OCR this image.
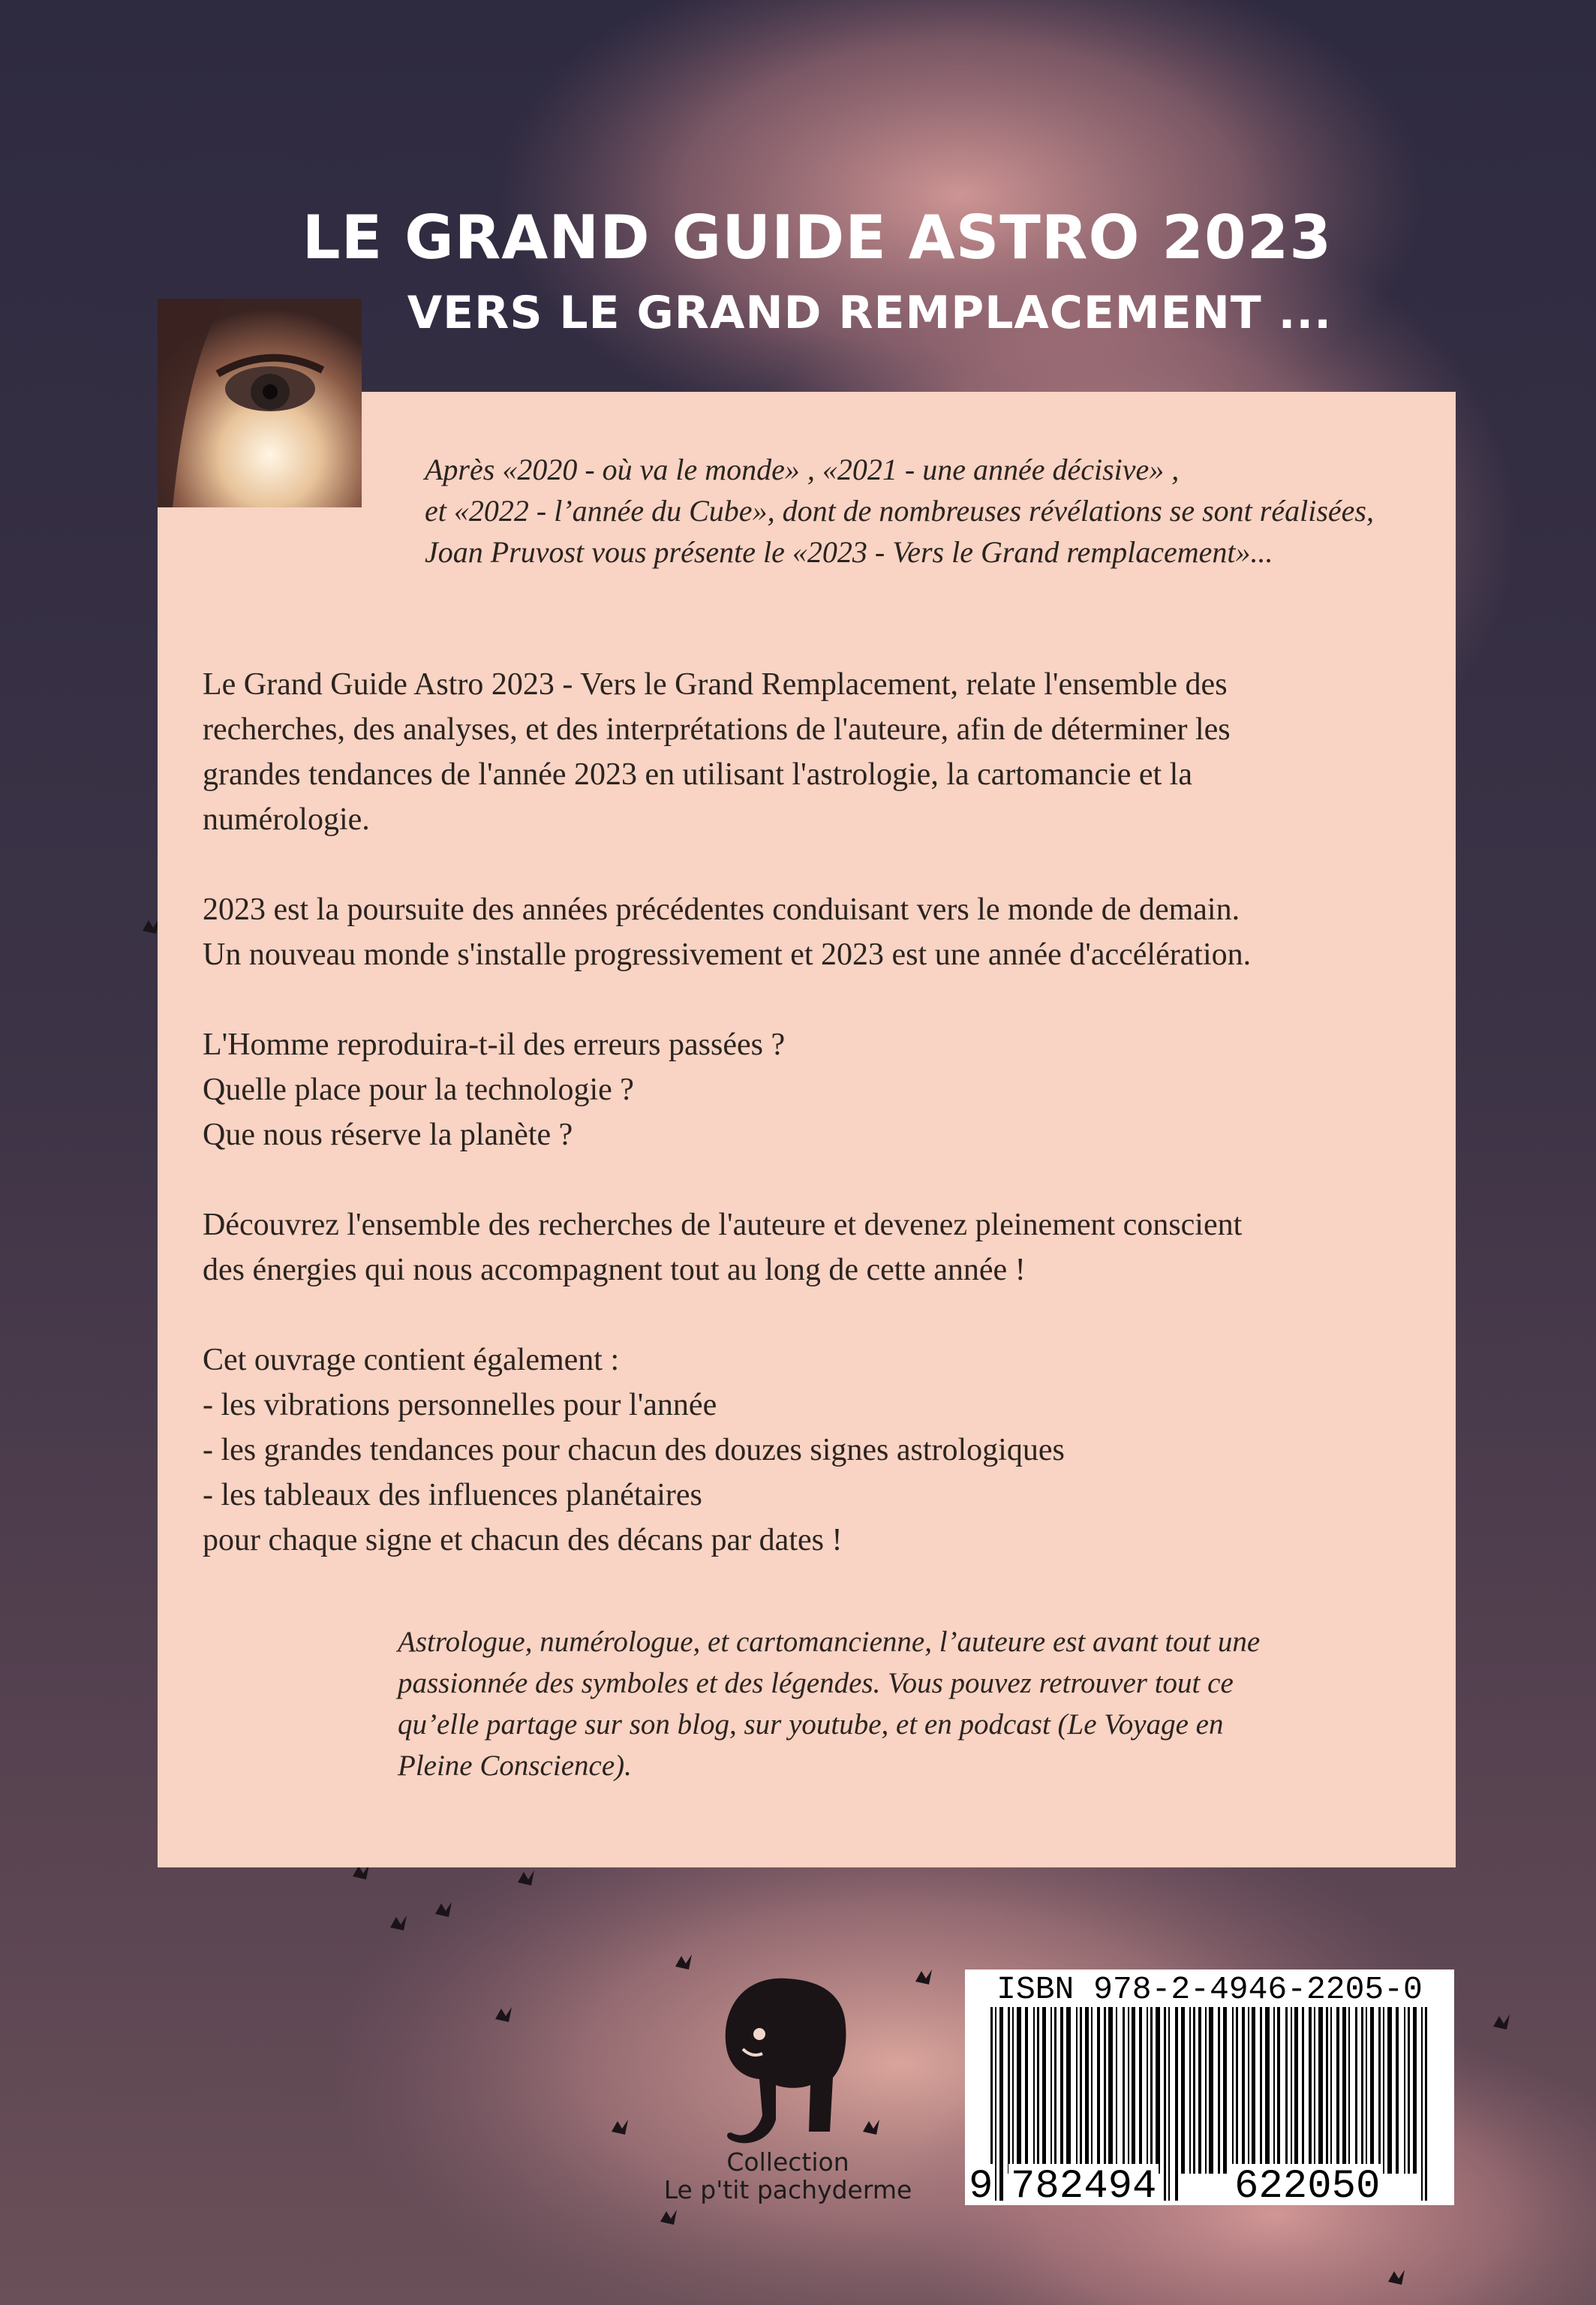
LE GRAND GUIDE ASTRO 2023
VERS LE GRAND REMPLACEMENT ...
Après «2020 - où va le monde» , «2021 - une année décisive» ,
et «2022 - l’année du Cube», dont de nombreuses révélations se sont réalisées,
Joan Pruvost vous présente le «2023 - Vers le Grand remplacement»...

Le Grand Guide Astro 2023 - Vers le Grand Remplacement, relate l'ensemble des
recherches, des analyses, et des interprétations de l'auteure, afin de déterminer les
grandes tendances de l'année 2023 en utilisant l'astrologie, la cartomancie et la
numérologie.

2023 est la poursuite des années précédentes conduisant vers le monde de demain.
Un nouveau monde s'installe progressivement et 2023 est une année d'accélération.

L'Homme reproduira-t-il des erreurs passées ?
Quelle place pour la technologie ?
Que nous réserve la planète ?

Découvrez l'ensemble des recherches de l'auteure et devenez pleinement conscient
des énergies qui nous accompagnent tout au long de cette année !

Cet ouvrage contient également :
- les vibrations personnelles pour l'année
- les grandes tendances pour chacun des douzes signes astrologiques
- les tableaux des influences planétaires
pour chaque signe et chacun des décans par dates !

Astrologue, numérologue, et cartomancienne, l’auteure est avant tout une
passionnée des symboles et des légendes. Vous pouvez retrouver tout ce
qu’elle partage sur son blog, sur youtube, et en podcast (Le Voyage en
Pleine Conscience).
Collection
Le p'tit pachyderme
ISBN 978-2-4946-2205-0
9 782494 622050
